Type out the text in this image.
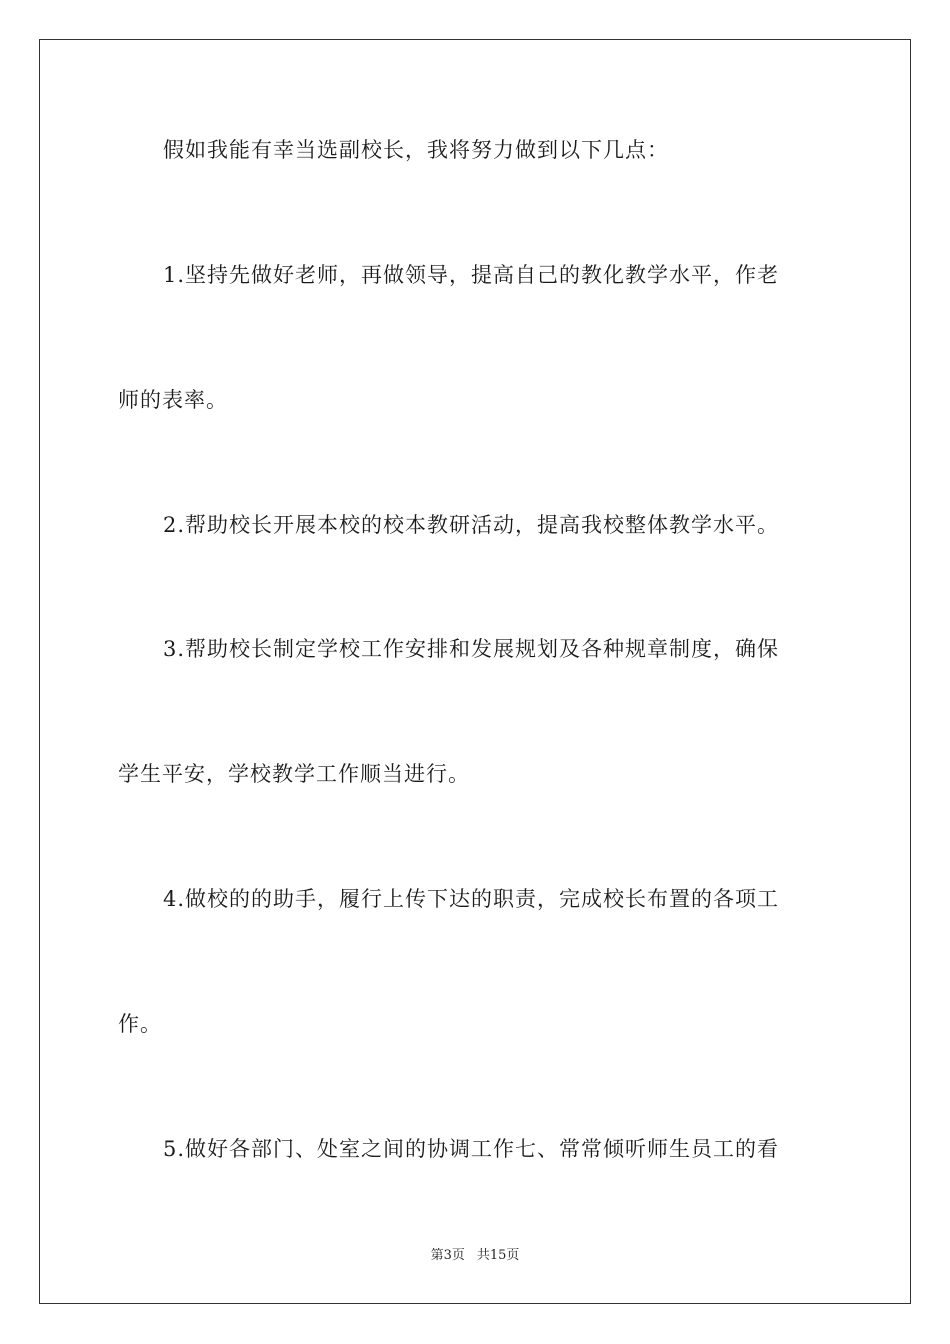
假如我能有幸当选副校长，我将努力做到以下几点：
1.坚持先做好老师，再做领导，提高自己的教化教学水平，作老
师的表率。
2.帮助校长开展本校的校本教研活动，提高我校整体教学水平。
3.帮助校长制定学校工作安排和发展规划及各种规章制度，确保
学生平安，学校教学工作顺当进行。
4.做校的的助手，履行上传下达的职责，完成校长布置的各项工
作。
5.做好各部门、处室之间的协调工作七、常常倾听师生员工的看
第3页 共15页
